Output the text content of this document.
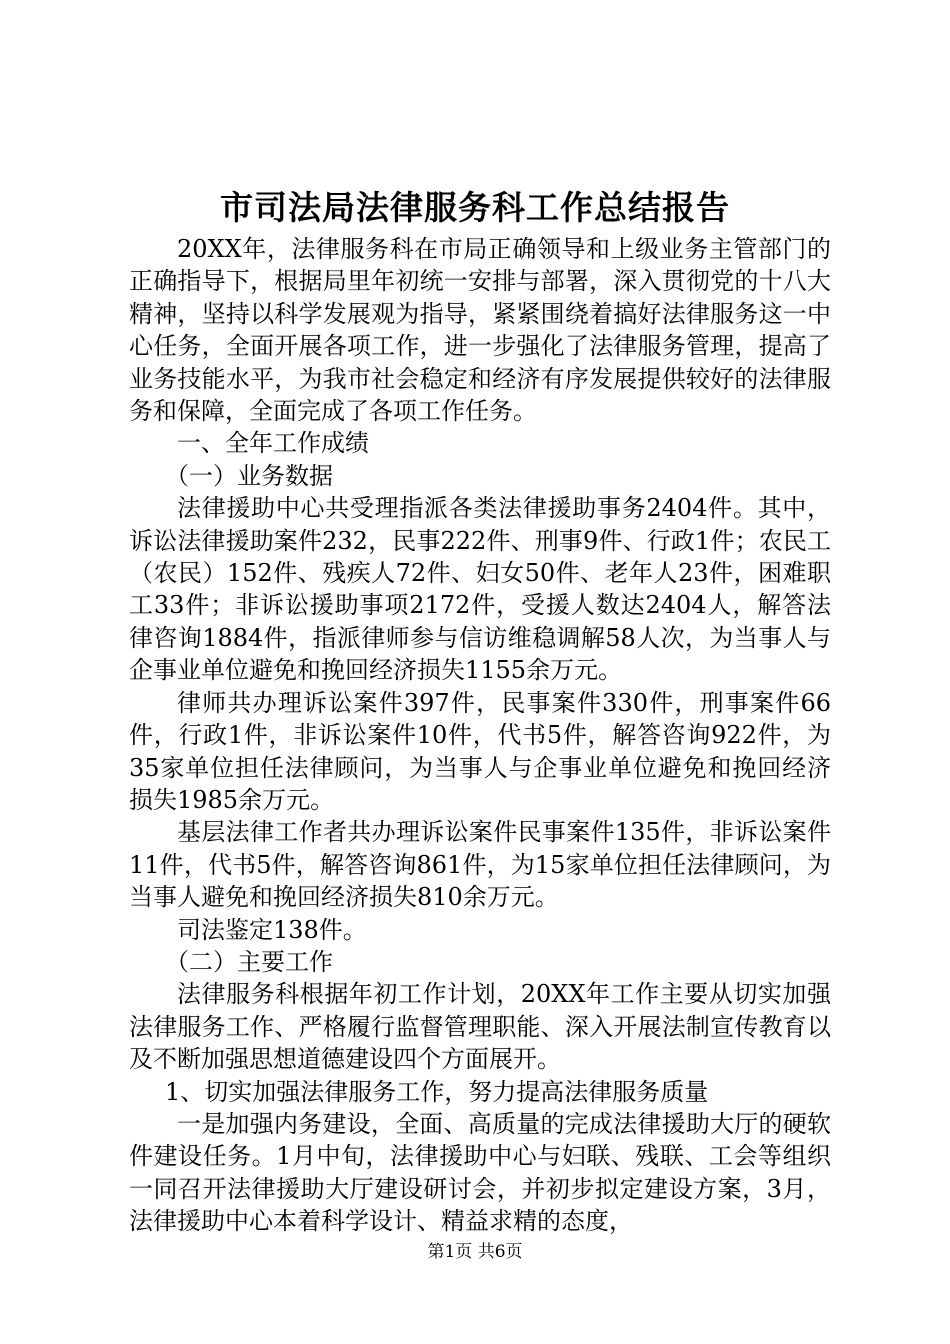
市司法局法律服务科工作总结报告

20XX年，法律服务科在市局正确领导和上级业务主管部门的正确指导下，根据局里年初统一安排与部署，深入贯彻党的十八大精神，坚持以科学发展观为指导，紧紧围绕着搞好法律服务这一中心任务，全面开展各项工作，进一步强化了法律服务管理，提高了业务技能水平，为我市社会稳定和经济有序发展提供较好的法律服务和保障，全面完成了各项工作任务。

一、全年工作成绩

（一）业务数据

法律援助中心共受理指派各类法律援助事务2404件。其中，诉讼法律援助案件232，民事222件、刑事9件、行政1件；农民工（农民）152件、残疾人72件、妇女50件、老年人23件，困难职工33件；非诉讼援助事项2172件，受援人数达2404人，解答法律咨询1884件，指派律师参与信访维稳调解58人次，为当事人与企事业单位避免和挽回经济损失1155余万元。

律师共办理诉讼案件397件，民事案件330件，刑事案件66件，行政1件，非诉讼案件10件，代书5件，解答咨询922件，为35家单位担任法律顾问，为当事人与企事业单位避免和挽回经济损失1985余万元。

基层法律工作者共办理诉讼案件民事案件135件，非诉讼案件11件，代书5件，解答咨询861件，为15家单位担任法律顾问，为当事人避免和挽回经济损失810余万元。

司法鉴定138件。

（二）主要工作

法律服务科根据年初工作计划，20XX年工作主要从切实加强法律服务工作、严格履行监督管理职能、深入开展法制宣传教育以及不断加强思想道德建设四个方面展开。

1、切实加强法律服务工作，努力提高法律服务质量

一是加强内务建设，全面、高质量的完成法律援助大厅的硬软件建设任务。1月中旬，法律援助中心与妇联、残联、工会等组织一同召开法律援助大厅建设研讨会，并初步拟定建设方案，3月，法律援助中心本着科学设计、精益求精的态度，

第1页 共6页
